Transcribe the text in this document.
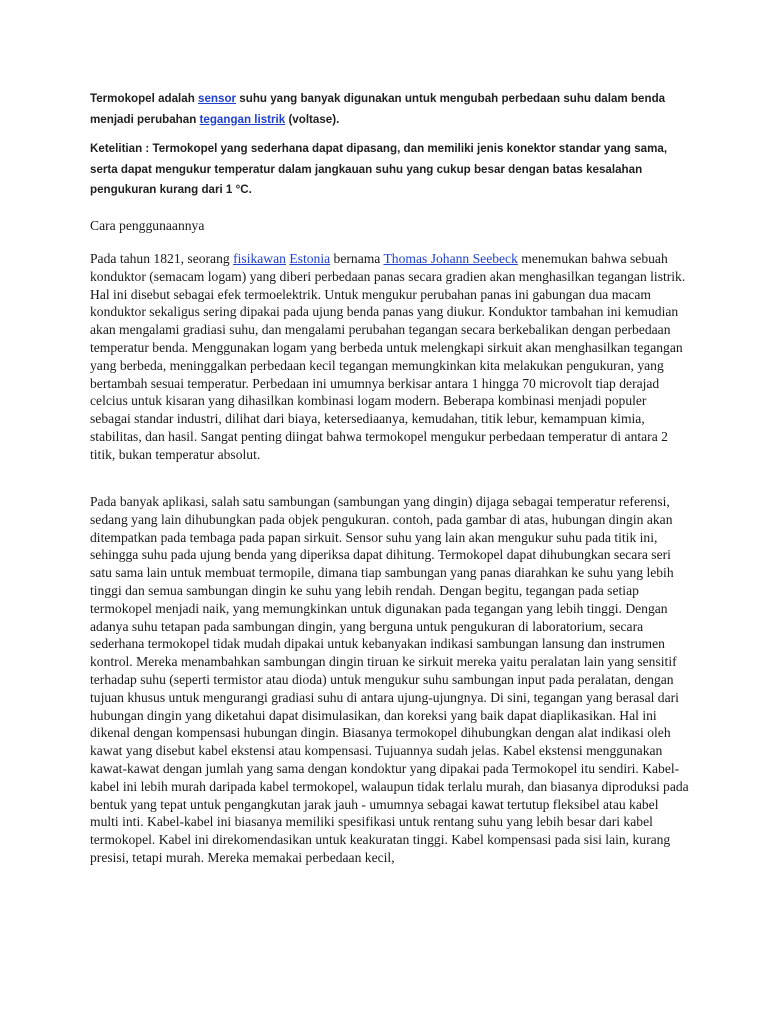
Termokopel adalah sensor suhu yang banyak digunakan untuk mengubah perbedaan suhu dalam benda menjadi perubahan tegangan listrik (voltase).

Ketelitian : Termokopel yang sederhana dapat dipasang, dan memiliki jenis konektor standar yang sama, serta dapat mengukur temperatur dalam jangkauan suhu yang cukup besar dengan batas kesalahan pengukuran kurang dari 1 °C.

Cara penggunaannya

Pada tahun 1821, seorang fisikawan Estonia bernama Thomas Johann Seebeck menemukan bahwa sebuah konduktor (semacam logam) yang diberi perbedaan panas secara gradien akan menghasilkan tegangan listrik. Hal ini disebut sebagai efek termoelektrik. Untuk mengukur perubahan panas ini gabungan dua macam konduktor sekaligus sering dipakai pada ujung benda panas yang diukur. Konduktor tambahan ini kemudian akan mengalami gradiasi suhu, dan mengalami perubahan tegangan secara berkebalikan dengan perbedaan temperatur benda. Menggunakan logam yang berbeda untuk melengkapi sirkuit akan menghasilkan tegangan yang berbeda, meninggalkan perbedaan kecil tegangan memungkinkan kita melakukan pengukuran, yang bertambah sesuai temperatur. Perbedaan ini umumnya berkisar antara 1 hingga 70 microvolt tiap derajad celcius untuk kisaran yang dihasilkan kombinasi logam modern. Beberapa kombinasi menjadi populer sebagai standar industri, dilihat dari biaya, ketersediaanya, kemudahan, titik lebur, kemampuan kimia, stabilitas, dan hasil. Sangat penting diingat bahwa termokopel mengukur perbedaan temperatur di antara 2 titik, bukan temperatur absolut.

Pada banyak aplikasi, salah satu sambungan (sambungan yang dingin) dijaga sebagai temperatur referensi, sedang yang lain dihubungkan pada objek pengukuran. contoh, pada gambar di atas, hubungan dingin akan ditempatkan pada tembaga pada papan sirkuit. Sensor suhu yang lain akan mengukur suhu pada titik ini, sehingga suhu pada ujung benda yang diperiksa dapat dihitung. Termokopel dapat dihubungkan secara seri satu sama lain untuk membuat termopile, dimana tiap sambungan yang panas diarahkan ke suhu yang lebih tinggi dan semua sambungan dingin ke suhu yang lebih rendah. Dengan begitu, tegangan pada setiap termokopel menjadi naik, yang memungkinkan untuk digunakan pada tegangan yang lebih tinggi. Dengan adanya suhu tetapan pada sambungan dingin, yang berguna untuk pengukuran di laboratorium, secara sederhana termokopel tidak mudah dipakai untuk kebanyakan indikasi sambungan lansung dan instrumen kontrol. Mereka menambahkan sambungan dingin tiruan ke sirkuit mereka yaitu peralatan lain yang sensitif terhadap suhu (seperti termistor atau dioda) untuk mengukur suhu sambungan input pada peralatan, dengan tujuan khusus untuk mengurangi gradiasi suhu di antara ujung-ujungnya. Di sini, tegangan yang berasal dari hubungan dingin yang diketahui dapat disimulasikan, dan koreksi yang baik dapat diaplikasikan. Hal ini dikenal dengan kompensasi hubungan dingin. Biasanya termokopel dihubungkan dengan alat indikasi oleh kawat yang disebut kabel ekstensi atau kompensasi. Tujuannya sudah jelas. Kabel ekstensi menggunakan kawat-kawat dengan jumlah yang sama dengan kondoktur yang dipakai pada Termokopel itu sendiri. Kabel-kabel ini lebih murah daripada kabel termokopel, walaupun tidak terlalu murah, dan biasanya diproduksi pada bentuk yang tepat untuk pengangkutan jarak jauh - umumnya sebagai kawat tertutup fleksibel atau kabel multi inti. Kabel-kabel ini biasanya memiliki spesifikasi untuk rentang suhu yang lebih besar dari kabel termokopel. Kabel ini direkomendasikan untuk keakuratan tinggi. Kabel kompensasi pada sisi lain, kurang presisi, tetapi murah. Mereka memakai perbedaan kecil,
